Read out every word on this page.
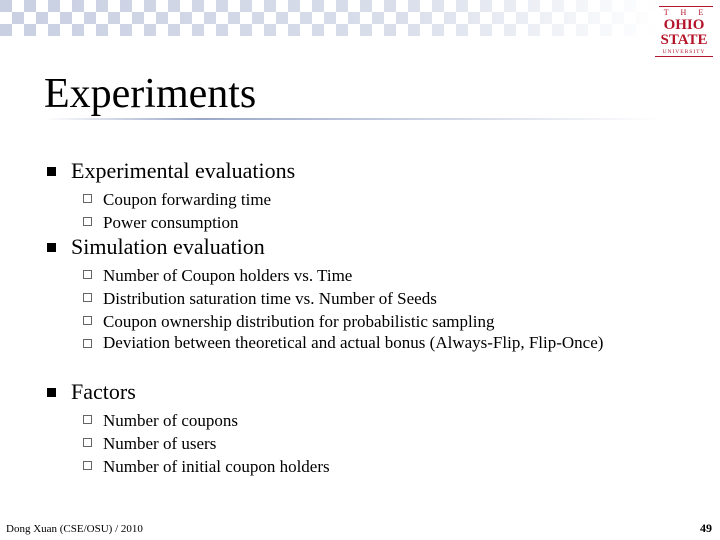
T H E
OHIO
STATE
UNIVERSITY
Experiments
Experimental evaluations
Coupon forwarding time
Power consumption
Simulation evaluation
Number of Coupon holders vs. Time
Distribution saturation time vs. Number of Seeds
Coupon ownership distribution for probabilistic sampling
Deviation between theoretical and actual bonus (Always-Flip, Flip-Once)
Factors
Number of coupons
Number of users
Number of initial coupon holders
Dong Xuan (CSE/OSU) / 2010	49
